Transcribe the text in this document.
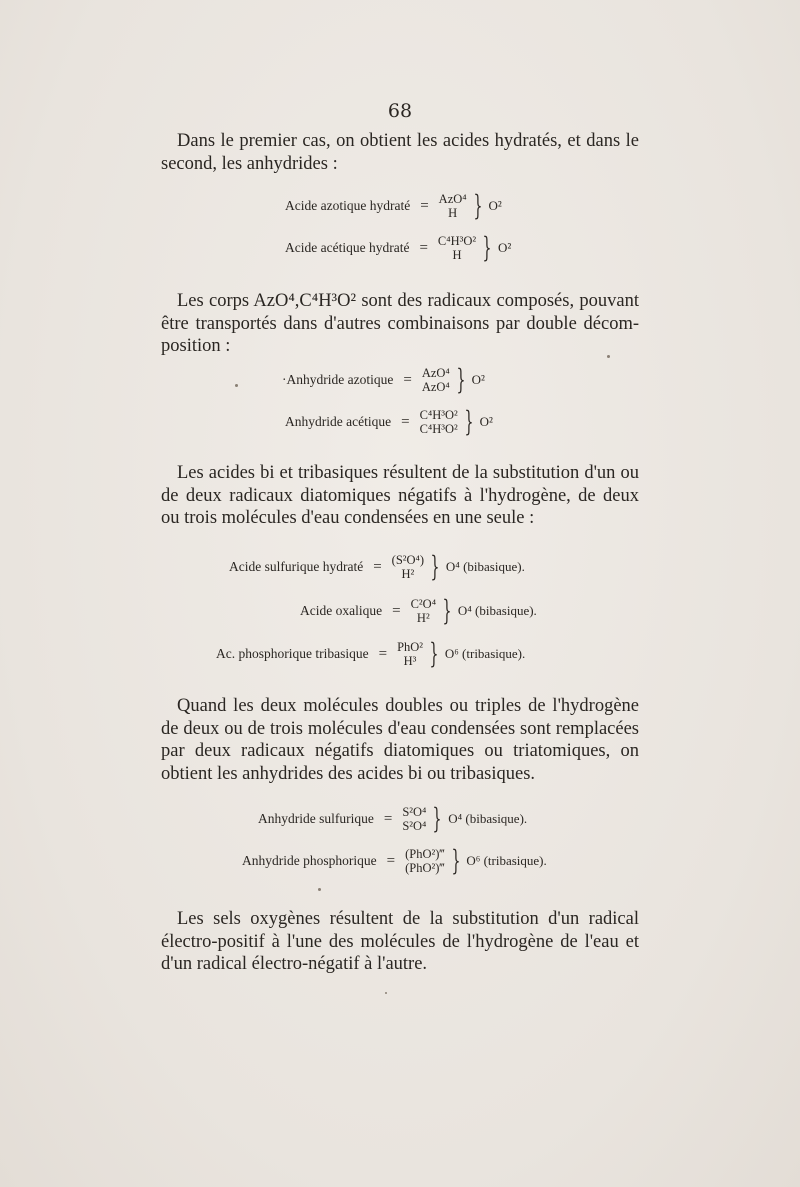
68
Dans le premier cas, on obtient les acides hydratés, et dans le second, les anhydrides :
Acide azotique hydraté = AzO⁴
H } O²
Acide acétique hydraté = C⁴H³O²
H } O²
Les corps AzO⁴,C⁴H³O² sont des radicaux composés, pouvant être transportés dans d'autres combinaisons par double décom-position :
·Anhydride azotique = AzO⁴
AzO⁴ } O²
Anhydride acétique = C⁴H³O²
C⁴H³O² } O²
Les acides bi et tribasiques résultent de la substitution d'un ou de deux radicaux diatomiques négatifs à l'hydrogène, de deux ou trois molécules d'eau condensées en une seule :
Acide sulfurique hydraté = (S²O⁴)
H² } O⁴ (bibasique).
Acide oxalique = C²O⁴
H² } O⁴ (bibasique).
Ac. phosphorique tribasique = PhO²
H³ } O⁶ (tribasique).
Quand les deux molécules doubles ou triples de l'hydrogène de deux ou de trois molécules d'eau condensées sont remplacées par deux radicaux négatifs diatomiques ou triatomiques, on obtient les anhydrides des acides bi ou tribasiques.
Anhydride sulfurique = S²O⁴
S²O⁴ } O⁴ (bibasique).
Anhydride phosphorique = (PhO²)‴
(PhO²)‴ } O⁶ (tribasique).
Les sels oxygènes résultent de la substitution d'un radical électro-positif à l'une des molécules de l'hydrogène de l'eau et d'un radical électro-négatif à l'autre.
